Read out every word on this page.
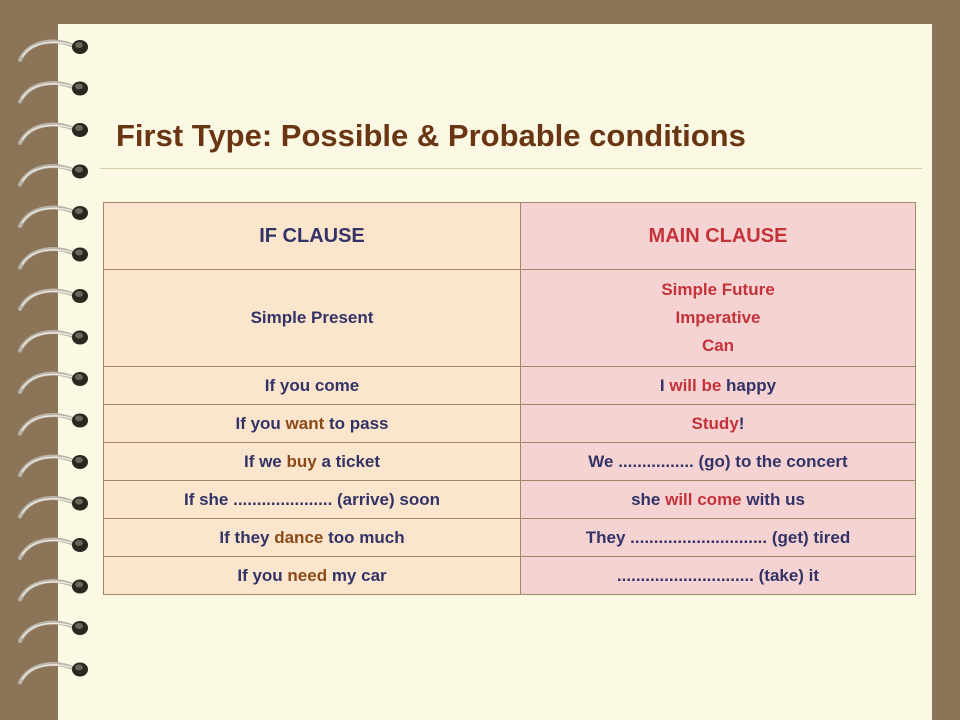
First Type: Possible & Probable conditions
IF CLAUSE	MAIN CLAUSE
Simple Present	Simple Future
Imperative
Can

If you come	I will be happy
If you want to pass	Study!
If we buy a ticket	We ................ (go) to the concert
If she ..................... (arrive) soon	she will come with us
If they dance too much	They ............................. (get) tired
If you need my car	............................. (take) it
